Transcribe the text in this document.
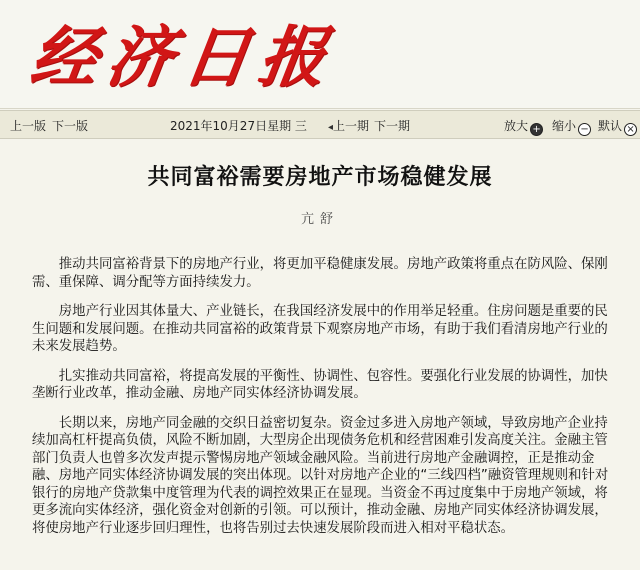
经济日报
上一版 下一版	2021年10月27日星期 三 ◂上一期 下一期	放大 + 缩小 − 默认 ×
共同富裕需要房地产市场稳健发展
亢舒

推动共同富裕背景下的房地产行业，将更加平稳健康发展。房地产政策将重点在防风险、保刚需、重保障、调分配等方面持续发力。

房地产行业因其体量大、产业链长，在我国经济发展中的作用举足轻重。住房问题是重要的民生问题和发展问题。在推动共同富裕的政策背景下观察房地产市场，有助于我们看清房地产行业的未来发展趋势。

扎实推动共同富裕，将提高发展的平衡性、协调性、包容性。要强化行业发展的协调性，加快垄断行业改革，推动金融、房地产同实体经济协调发展。

长期以来，房地产同金融的交织日益密切复杂。资金过多进入房地产领域，导致房地产企业持续加高杠杆提高负债，风险不断加剧，大型房企出现债务危机和经营困难引发高度关注。金融主管部门负责人也曾多次发声提示警惕房地产领域金融风险。当前进行房地产金融调控，正是推动金融、房地产同实体经济协调发展的突出体现。以针对房地产企业的“三线四档”融资管理规则和针对银行的房地产贷款集中度管理为代表的调控效果正在显现。当资金不再过度集中于房地产领域，将更多流向实体经济，强化资金对创新的引领。可以预计，推动金融、房地产同实体经济协调发展，将使房地产行业逐步回归理性，也将告别过去快速发展阶段而进入相对平稳状态。
